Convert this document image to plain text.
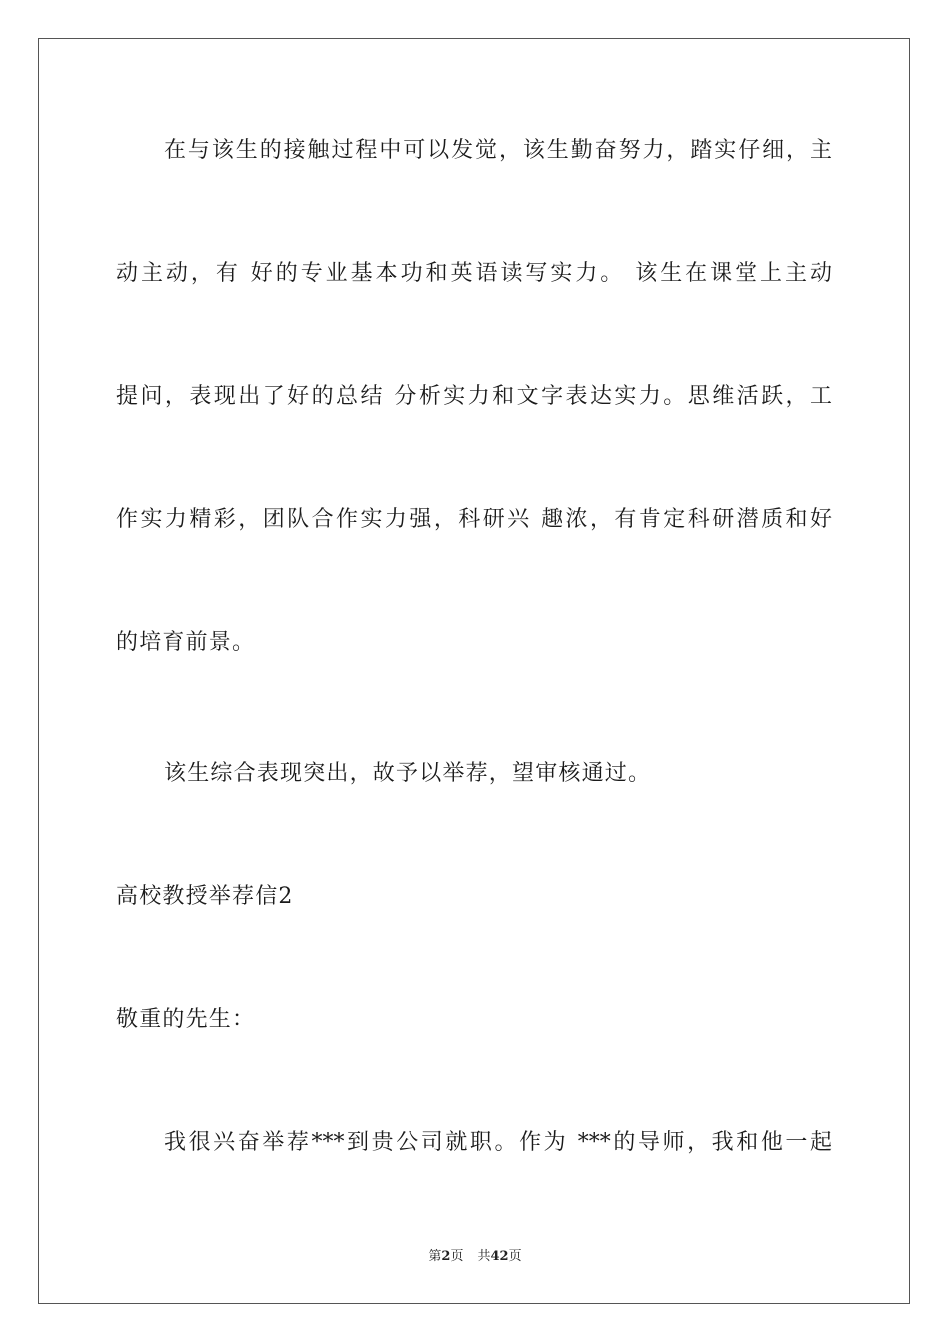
在与该生的接触过程中可以发觉，该生勤奋努力，踏实仔细，主
动主动，有 好的专业基本功和英语读写实力。 该生在课堂上主动
提问，表现出了好的总结 分析实力和文字表达实力。思维活跃，工
作实力精彩，团队合作实力强，科研兴 趣浓，有肯定科研潜质和好
的培育前景。
该生综合表现突出，故予以举荐，望审核通过。
高校教授举荐信2
敬重的先生：
我很兴奋举荐***到贵公司就职。作为 ***的导师，我和他一起
第2页 共42页
